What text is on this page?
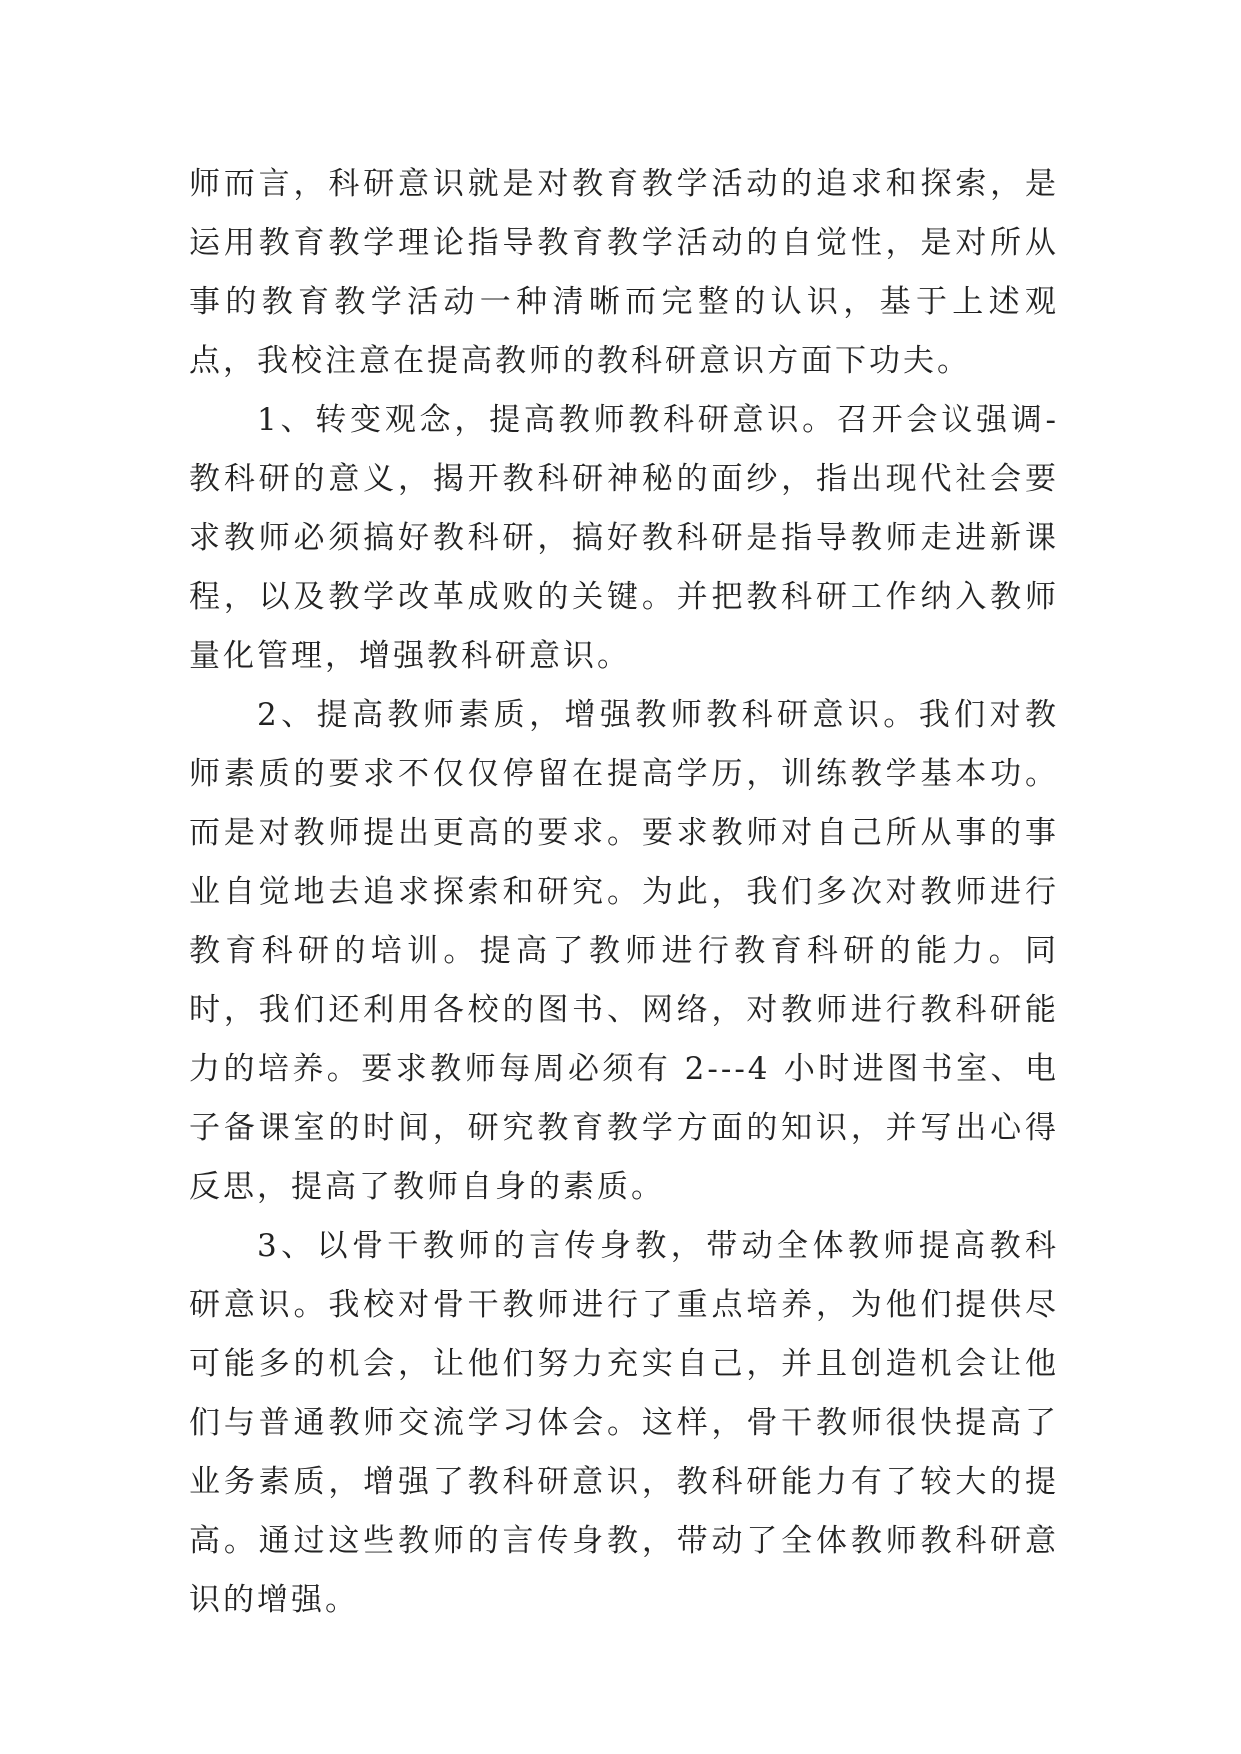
师而言，科研意识就是对教育教学活动的追求和探索，是运用教育教学理论指导教育教学活动的自觉性，是对所从事的教育教学活动一种清晰而完整的认识，基于上述观点，我校注意在提高教师的教科研意识方面下功夫。

1、转变观念，提高教师教科研意识。召开会议强调-教科研的意义，揭开教科研神秘的面纱，指出现代社会要求教师必须搞好教科研，搞好教科研是指导教师走进新课程，以及教学改革成败的关键。并把教科研工作纳入教师量化管理，增强教科研意识。

2、提高教师素质，增强教师教科研意识。我们对教师素质的要求不仅仅停留在提高学历，训练教学基本功。而是对教师提出更高的要求。要求教师对自己所从事的事业自觉地去追求探索和研究。为此，我们多次对教师进行教育科研的培训。提高了教师进行教育科研的能力。同时，我们还利用各校的图书、网络，对教师进行教科研能力的培养。要求教师每周必须有 2---4 小时进图书室、电子备课室的时间，研究教育教学方面的知识，并写出心得反思，提高了教师自身的素质。

3、以骨干教师的言传身教，带动全体教师提高教科研意识。我校对骨干教师进行了重点培养，为他们提供尽可能多的机会，让他们努力充实自己，并且创造机会让他们与普通教师交流学习体会。这样，骨干教师很快提高了业务素质，增强了教科研意识，教科研能力有了较大的提高。通过这些教师的言传身教，带动了全体教师教科研意识的增强。
